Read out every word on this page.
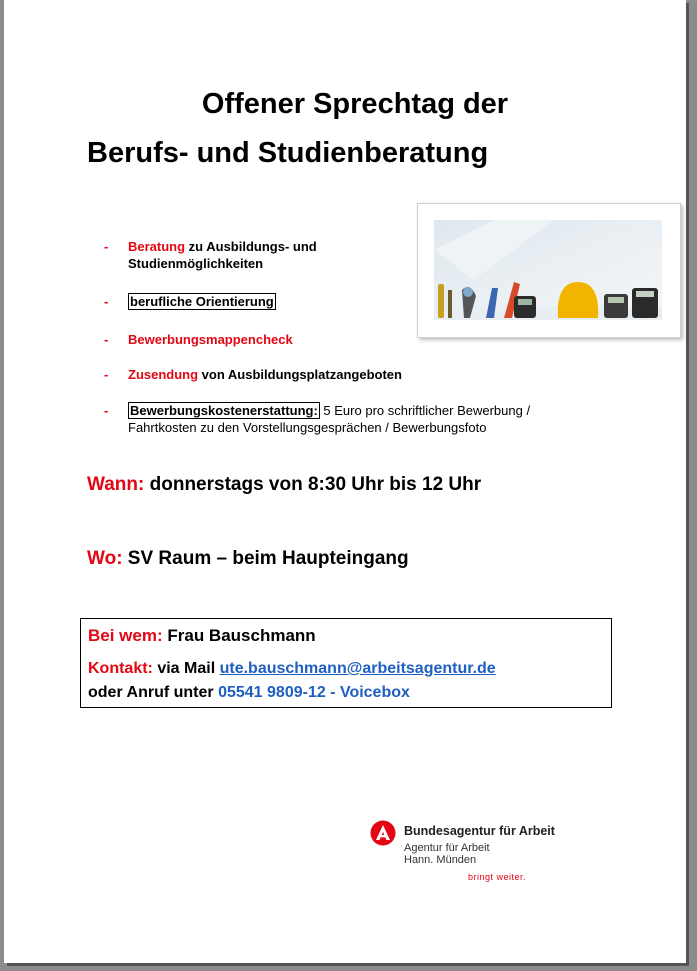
Offener Sprechtag der
Berufs- und Studienberatung
- Beratung zu Ausbildungs- und
Studienmöglichkeiten
- berufliche Orientierung
- Bewerbungsmappencheck
- Zusendung von Ausbildungsplatzangeboten
- Bewerbungskostenerstattung: 5 Euro pro schriftlicher Bewerbung /
Fahrtkosten zu den Vorstellungsgesprächen / Bewerbungsfoto
Wann: donnerstags von 8:30 Uhr bis 12 Uhr
Wo: SV Raum – beim Haupteingang
Bei wem: Frau Bauschmann
Kontakt: via Mail ute.bauschmann@arbeitsagentur.de
oder Anruf unter 05541 9809-12 - Voicebox
Bundesagentur für Arbeit
Agentur für Arbeit
Hann. Münden
bringt weiter.
